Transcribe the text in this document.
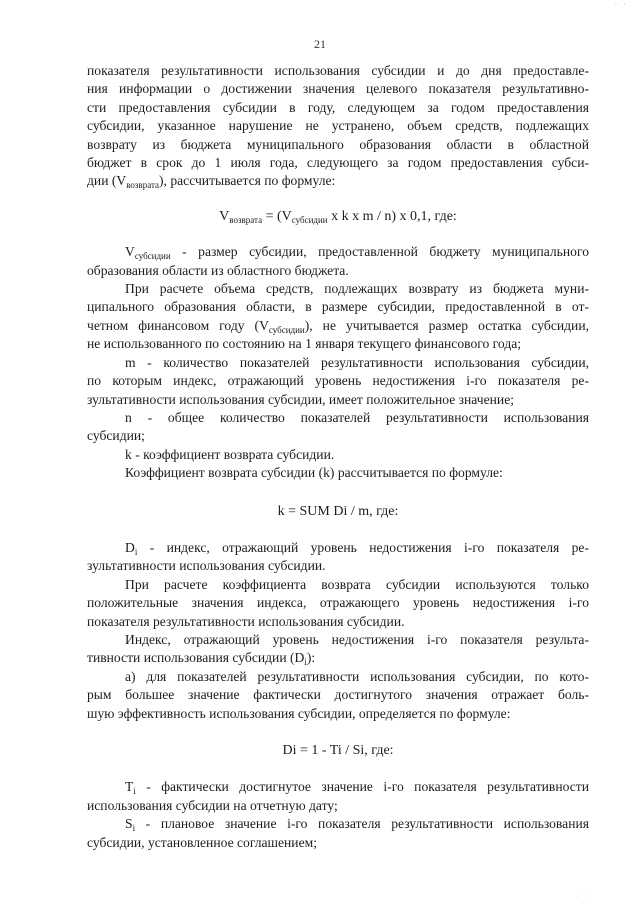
· ·
21
показателя результативности использования субсидии и до дня предоставле-
ния информации о достижении значения целевого показателя результативно-
сти предоставления субсидии в году, следующем за годом предоставления
субсидии, указанное нарушение не устранено, объем средств, подлежащих
возврату из бюджета муниципального образования области в областной
бюджет в срок до 1 июля года, следующего за годом предоставления субси-
дии $(V_{возврата})$, рассчитывается по формуле:

$V_{возврата} = (V_{субсидии}$ x k x m / n) x 0,1, где:

$V_{субсидии}$ - размер субсидии, предоставленной бюджету муниципального
образования области из областного бюджета.
При расчете объема средств, подлежащих возврату из бюджета муни-
ципального образования области, в размере субсидии, предоставленной в от-
четном финансовом году $(V_{субсидии})$, не учитывается размер остатка субсидии,
не использованного по состоянию на 1 января текущего финансового года;
m - количество показателей результативности использования субсидии,
по которым индекс, отражающий уровень недостижения i-го показателя ре-
зультативности использования субсидии, имеет положительное значение;
n - общее количество показателей результативности использования
субсидии;
k - коэффициент возврата субсидии.
Коэффициент возврата субсидии (k) рассчитывается по формуле:

k = SUM Di / m, где:

$D_i$ - индекс, отражающий уровень недостижения i-го показателя ре-
зультативности использования субсидии.
При расчете коэффициента возврата субсидии используются только
положительные значения индекса, отражающего уровень недостижения i-го
показателя результативности использования субсидии.
Индекс, отражающий уровень недостижения i-го показателя результа-
тивности использования субсидии $(D_i)$:
а) для показателей результативности использования субсидии, по кото-
рым большее значение фактически достигнутого значения отражает боль-
шую эффективность использования субсидии, определяется по формуле:

Di = 1 - Ti / Si, где:

$T_i$ - фактически достигнутое значение i-го показателя результативности
использования субсидии на отчетную дату;
$S_i$ - плановое значение i-го показателя результативности использования
субсидии, установленное соглашением;
· ·
